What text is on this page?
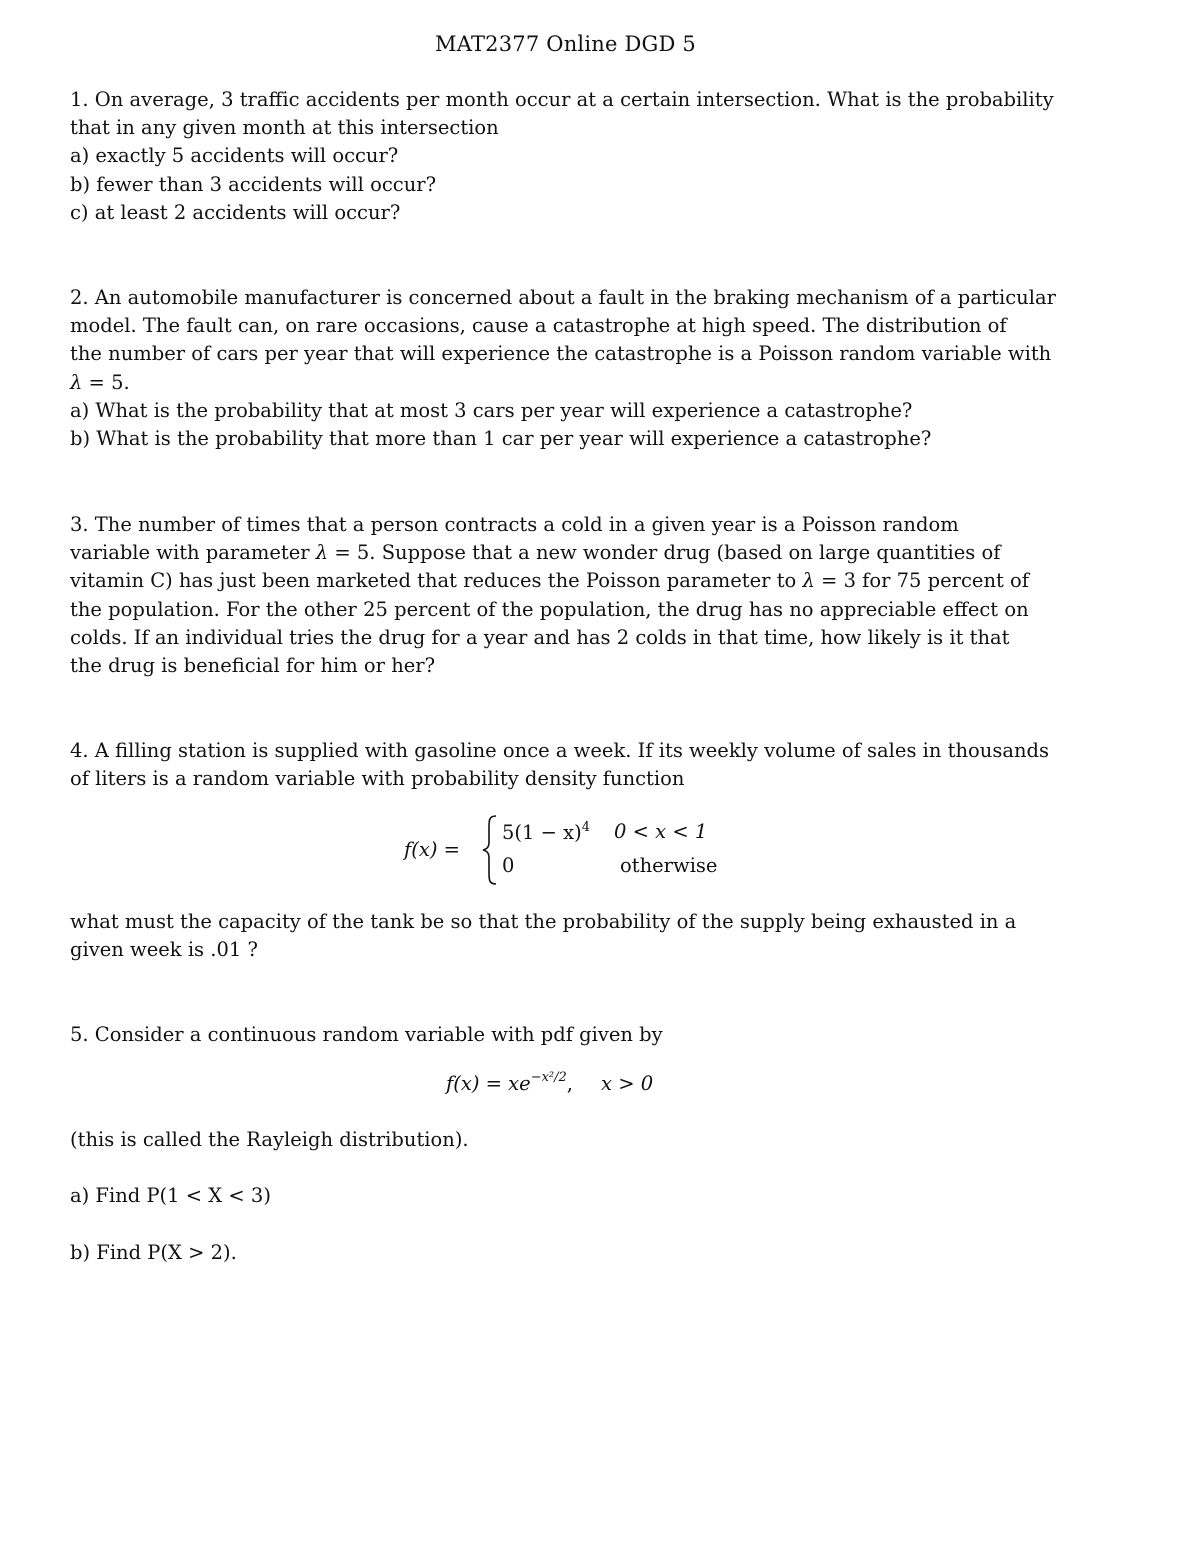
MAT2377 Online DGD 5
1. On average, 3 traffic accidents per month occur at a certain intersection. What is the probability
that in any given month at this intersection
a) exactly 5 accidents will occur?
b) fewer than 3 accidents will occur?
c) at least 2 accidents will occur?
2. An automobile manufacturer is concerned about a fault in the braking mechanism of a particular
model. The fault can, on rare occasions, cause a catastrophe at high speed. The distribution of
the number of cars per year that will experience the catastrophe is a Poisson random variable with
λ = 5.
a) What is the probability that at most 3 cars per year will experience a catastrophe?
b) What is the probability that more than 1 car per year will experience a catastrophe?
3. The number of times that a person contracts a cold in a given year is a Poisson random
variable with parameter λ = 5. Suppose that a new wonder drug (based on large quantities of
vitamin C) has just been marketed that reduces the Poisson parameter to λ = 3 for 75 percent of
the population. For the other 25 percent of the population, the drug has no appreciable effect on
colds. If an individual tries the drug for a year and has 2 colds in that time, how likely is it that
the drug is beneficial for him or her?
4. A filling station is supplied with gasoline once a week. If its weekly volume of sales in thousands
of liters is a random variable with probability density function
f(x) =
$5(1 - x)^4$ 0 < x < 1
0	otherwise
what must the capacity of the tank be so that the probability of the supply being exhausted in a
given week is .01 ?
5. Consider a continuous random variable with pdf given by
$f(x) = xe^{-x^2/2}$, x > 0
(this is called the Rayleigh distribution).
a) Find P(1 < X < 3)
b) Find P(X > 2).
